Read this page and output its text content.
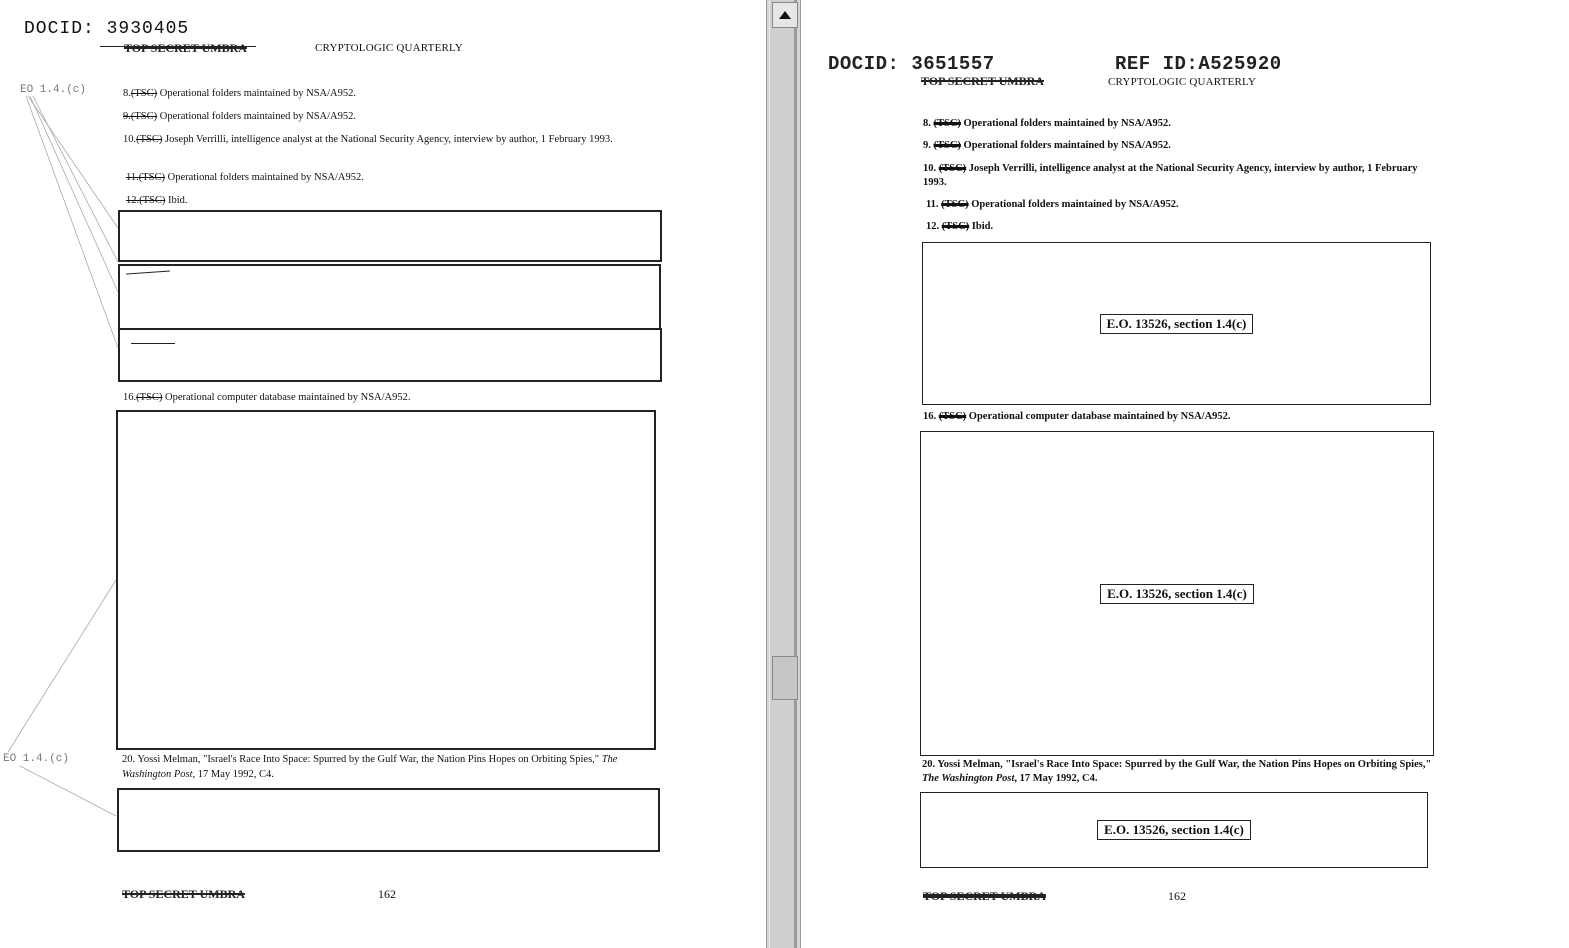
DOCID: 3930405
TOP SECRET UMBRA	CRYPTOLOGIC QUARTERLY
EO 1.4.(c)	8.(TSC) Operational folders maintained by NSA/A952.
9.(TSC) Operational folders maintained by NSA/A952.
10.(TSC) Joseph Verrilli, intelligence analyst at the National Security Agency, interview by author, 1 February 1993.
11.(TSC) Operational folders maintained by NSA/A952.
12.(TSC) Ibid.
16.(TSC) Operational computer database maintained by NSA/A952.
EO 1.4.(c)	20. Yossi Melman, "Israel's Race Into Space: Spurred by the Gulf War, the Nation Pins Hopes on Orbiting Spies," The Washington Post, 17 May 1992, C4.
TOP SECRET UMBRA	162
DOCID: 3651557	REF ID:A525920
TOP SECRET UMBRA	CRYPTOLOGIC QUARTERLY
8. (TSC) Operational folders maintained by NSA/A952.
9. (TSC) Operational folders maintained by NSA/A952.
10. (TSC) Joseph Verrilli, intelligence analyst at the National Security Agency, interview by author, 1 February 1993.
11. (TSC) Operational folders maintained by NSA/A952.
12. (TSC) Ibid.
E.O. 13526, section 1.4(c)
16. (TSC) Operational computer database maintained by NSA/A952.
E.O. 13526, section 1.4(c)
20. Yossi Melman, "Israel's Race Into Space: Spurred by the Gulf War, the Nation Pins Hopes on Orbiting Spies," The Washington Post, 17 May 1992, C4.
E.O. 13526, section 1.4(c)
TOP SECRET UMBRA	162
